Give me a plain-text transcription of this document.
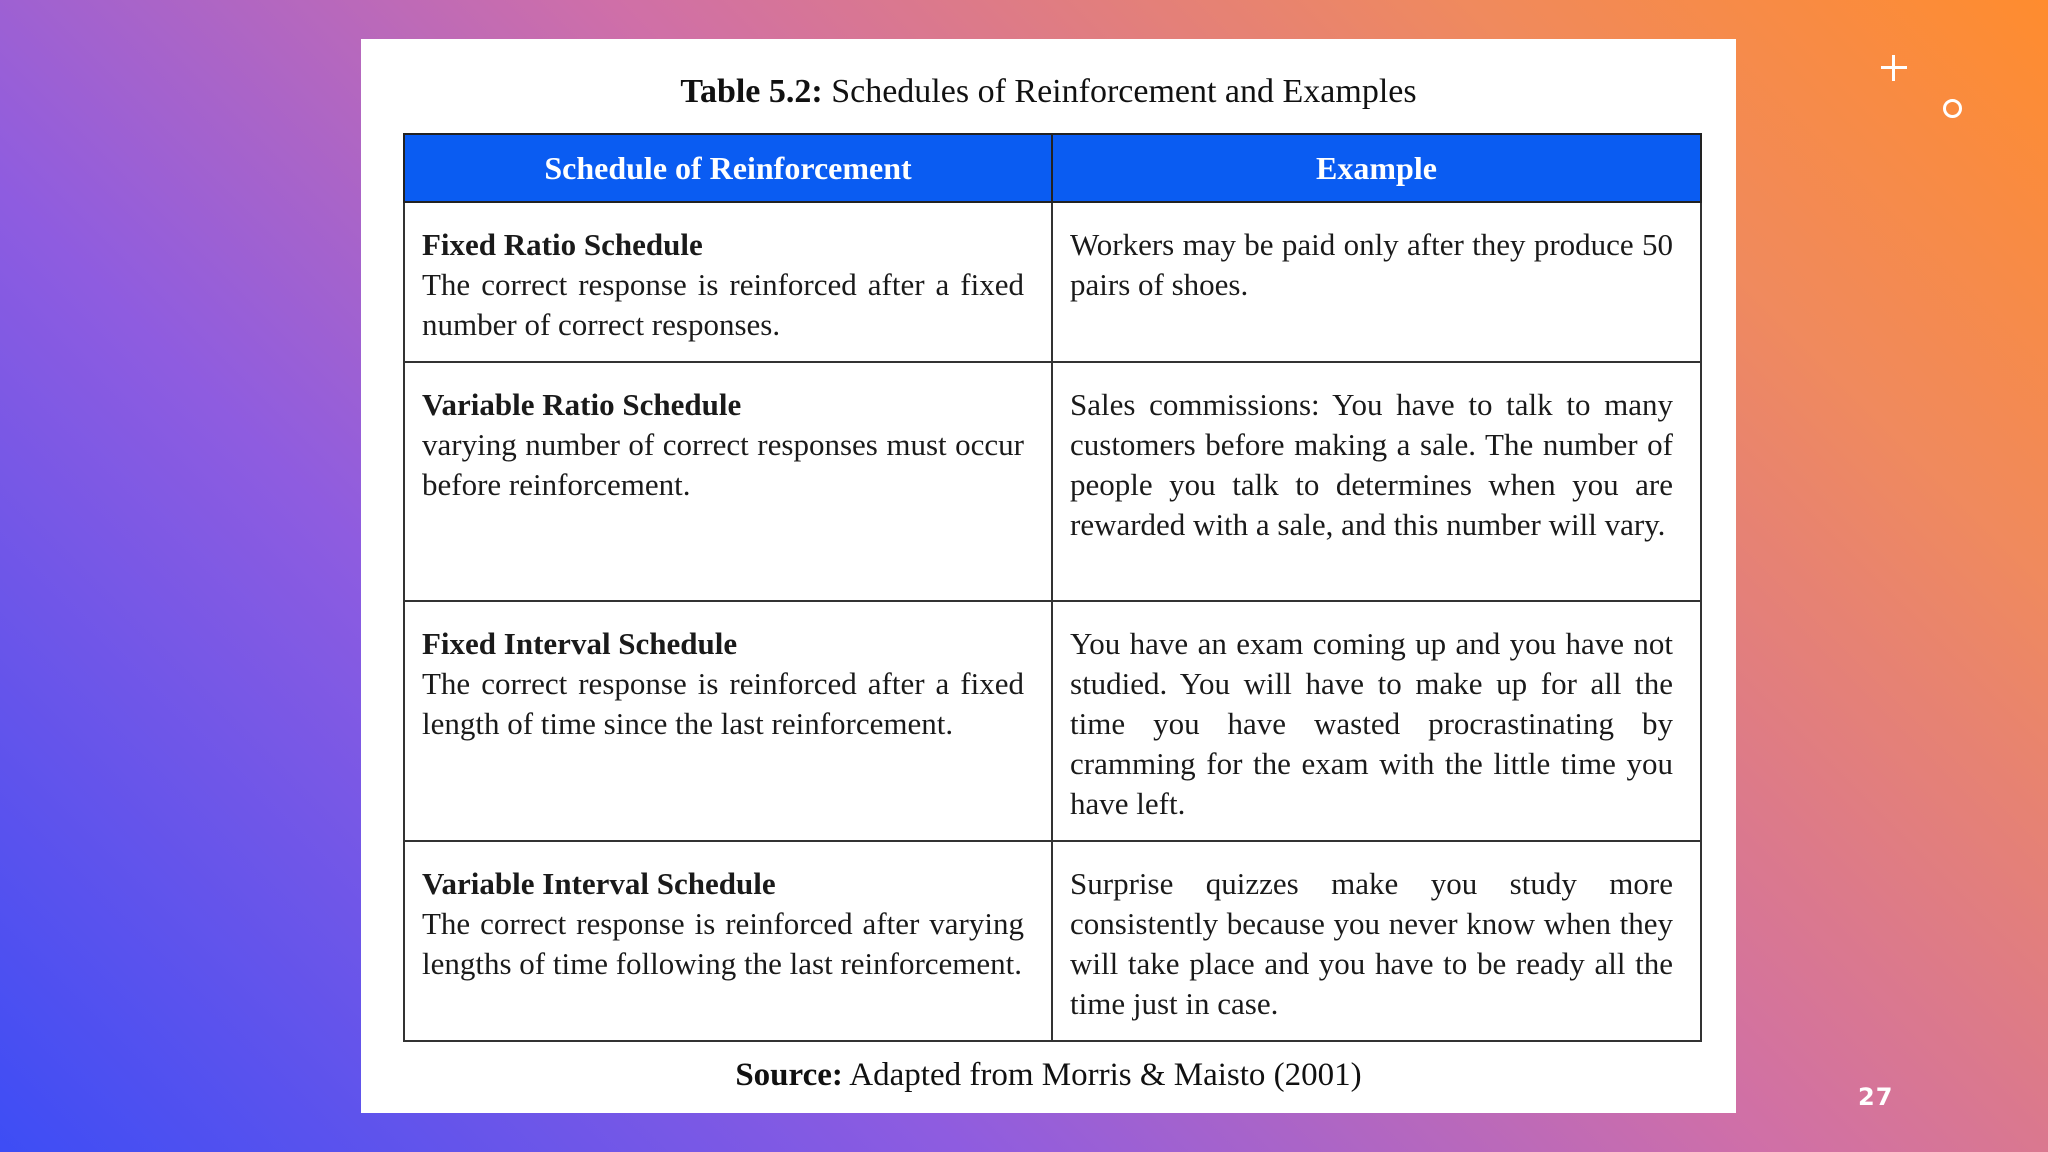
Table 5.2: Schedules of Reinforcement and Examples
Schedule of Reinforcement	Example

Fixed Ratio Schedule
The correct response is reinforced after a fixed number of correct responses.	Workers may be paid only after they produce 50 pairs of shoes.

Variable Ratio Schedule
varying number of correct responses must occur before reinforcement.	Sales commissions: You have to talk to many customers before making a sale. The number of people you talk to determines when you are rewarded with a sale, and this number will vary.

Fixed Interval Schedule
The correct response is reinforced after a fixed length of time since the last reinforcement.	You have an exam coming up and you have not studied. You will have to make up for all the time you have wasted procrastinating by cramming for the exam with the little time you have left.

Variable Interval Schedule
The correct response is reinforced after varying lengths of time following the last reinforcement.	Surprise quizzes make you study more consistently because you never know when they will take place and you have to be ready all the time just in case.
Source: Adapted from Morris & Maisto (2001)
27
